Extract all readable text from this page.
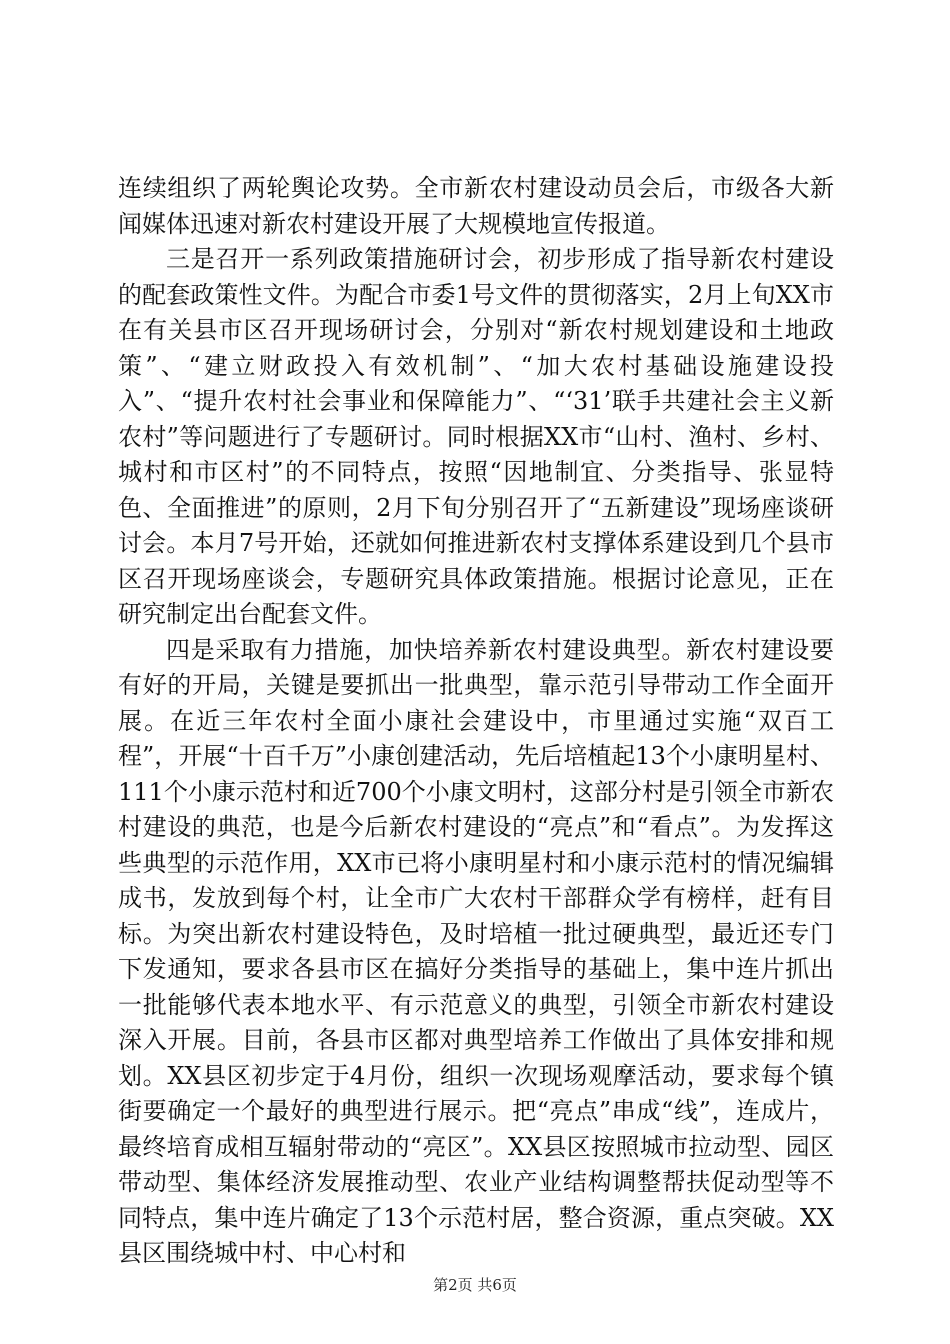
连续组织了两轮舆论攻势。全市新农村建设动员会后，市级各大新闻媒体迅速对新农村建设开展了大规模地宣传报道。

三是召开一系列政策措施研讨会，初步形成了指导新农村建设的配套政策性文件。为配合市委1号文件的贯彻落实，2月上旬XX市在有关县市区召开现场研讨会，分别对“新农村规划建设和土地政策”、“建立财政投入有效机制”、“加大农村基础设施建设投入”、“提升农村社会事业和保障能力”、“‘31’联手共建社会主义新农村”等问题进行了专题研讨。同时根据XX市“山村、渔村、乡村、城村和市区村”的不同特点，按照“因地制宜、分类指导、张显特色、全面推进”的原则，2月下旬分别召开了“五新建设”现场座谈研讨会。本月7号开始，还就如何推进新农村支撑体系建设到几个县市区召开现场座谈会，专题研究具体政策措施。根据讨论意见，正在研究制定出台配套文件。

四是采取有力措施，加快培养新农村建设典型。新农村建设要有好的开局，关键是要抓出一批典型，靠示范引导带动工作全面开展。在近三年农村全面小康社会建设中，市里通过实施“双百工程”，开展“十百千万”小康创建活动，先后培植起13个小康明星村、111个小康示范村和近700个小康文明村，这部分村是引领全市新农村建设的典范，也是今后新农村建设的“亮点”和“看点”。为发挥这些典型的示范作用，XX市已将小康明星村和小康示范村的情况编辑成书，发放到每个村，让全市广大农村干部群众学有榜样，赶有目标。为突出新农村建设特色，及时培植一批过硬典型，最近还专门下发通知，要求各县市区在搞好分类指导的基础上，集中连片抓出一批能够代表本地水平、有示范意义的典型，引领全市新农村建设深入开展。目前，各县市区都对典型培养工作做出了具体安排和规划。XX县区初步定于4月份，组织一次现场观摩活动，要求每个镇街要确定一个最好的典型进行展示。把“亮点”串成“线”，连成片，最终培育成相互辐射带动的“亮区”。XX县区按照城市拉动型、园区带动型、集体经济发展推动型、农业产业结构调整帮扶促动型等不同特点，集中连片确定了13个示范村居，整合资源，重点突破。XX县区围绕城中村、中心村和

第2页 共6页
